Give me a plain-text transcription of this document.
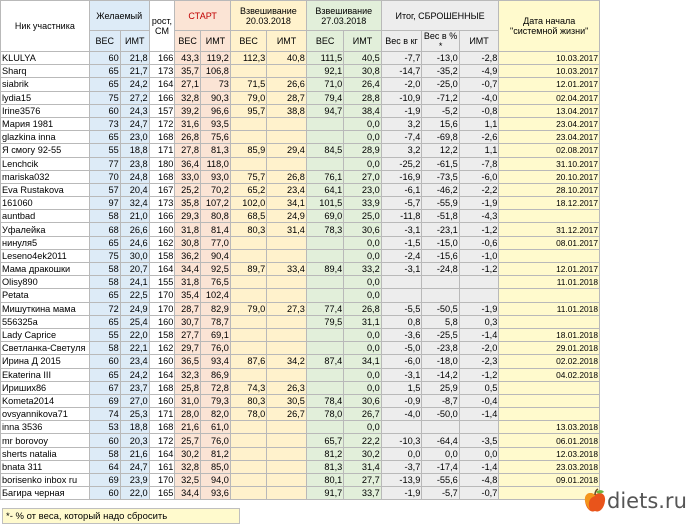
Ник участника	Желаемый		рост, СМ	СТАРТ		Взвешивание 20.03.2018		Взвешивание 27.03.2018		Итог, СБРОШЕННЫЕ			Дата начала "системной жизни"
	ВЕС	ИМТ		ВЕС	ИМТ	ВЕС	ИМТ	ВЕС	ИМТ	Вес в кг	Вес в % *	ИМТ	
KLULYA	60	21,8	166	43,3	119,2	112,3	40,8	111,5	40,5	-7,7	-13,0	-2,8	10.03.2017
Sharq	65	21,7	173	35,7	106,8			92,1	30,8	-14,7	-35,2	-4,9	10.03.2017
siabrik	65	24,2	164	27,1	73	71,5	26,6	71,0	26,4	-2,0	-25,0	-0,7	12.01.2017
lydia15	75	27,2	166	32,8	90,3	79,0	28,7	79,4	28,8	-10,9	-71,2	-4,0	02.04.2017
Irine3576	60	24,3	157	39,2	96,6	95,7	38,8	94,7	38,4	-1,9	-5,2	-0,8	13.04.2017
Мария 1981	73	24,7	172	31,6	93,5				0,0	3,2	15,6	1,1	23.04.2017
glazkina inna	65	23,0	168	26,8	75,6				0,0	-7,4	-69,8	-2,6	23.04.2017
Я смогу 92-55	55	18,8	171	27,8	81,3	85,9	29,4	84,5	28,9	3,2	12,2	1,1	02.08.2017
Lenchcik	77	23,8	180	36,4	118,0				0,0	-25,2	-61,5	-7,8	31.10.2017
mariska032	70	24,8	168	33,0	93,0	75,7	26,8	76,1	27,0	-16,9	-73,5	-6,0	20.10.2017
Eva Rustakova	57	20,4	167	25,2	70,2	65,2	23,4	64,1	23,0	-6,1	-46,2	-2,2	28.10.2017
161060	97	32,4	173	35,8	107,2	102,0	34,1	101,5	33,9	-5,7	-55,9	-1,9	18.12.2017
auntbad	58	21,0	166	29,3	80,8	68,5	24,9	69,0	25,0	-11,8	-51,8	-4,3	
Уфалейка	68	26,6	160	31,8	81,4	80,3	31,4	78,3	30,6	-3,1	-23,1	-1,2	31.12.2017
нинуля5	65	24,6	162	30,8	77,0				0,0	-1,5	-15,0	-0,6	08.01.2017
Leseno4ek2011	75	30,0	158	36,2	90,4				0,0	-2,4	-15,6	-1,0	
Мама дракошки	58	20,7	164	34,4	92,5	89,7	33,4	89,4	33,2	-3,1	-24,8	-1,2	12.01.2017
Olisy890	58	24,1	155	31,8	76,5				0,0				11.01.2018
Petata	65	22,5	170	35,4	102,4				0,0				
Мишуткина мама	72	24,9	170	28,7	82,9	79,0	27,3	77,4	26,8	-5,5	-50,5	-1,9	11.01.2018
556325a	65	25,4	160	30,7	78,7			79,5	31,1	0,8	5,8	0,3	
Lady Caprice	55	22,0	158	27,7	69,1				0,0	-3,6	-25,5	-1,4	18.01.2018
Светланка-Светуля	58	22,1	162	29,7	76,0				0,0	-5,0	-23,8	-2,0	29.01.2018
Ирина Д 2015	60	23,4	160	36,5	93,4	87,6	34,2	87,4	34,1	-6,0	-18,0	-2,3	02.02.2018
Ekaterina III	65	24,2	164	32,3	86,9				0,0	-3,1	-14,2	-1,2	04.02.2018
Ириших86	67	23,7	168	25,8	72,8	74,3	26,3		0,0	1,5	25,9	0,5	
Kometa2014	69	27,0	160	31,0	79,3	80,3	30,5	78,4	30,6	-0,9	-8,7	-0,4	
ovsyannikova71	74	25,3	171	28,0	82,0	78,0	26,7	78,0	26,7	-4,0	-50,0	-1,4	
inna 3536	53	18,8	168	21,6	61,0				0,0				13.03.2018
mr borovoy	60	20,3	172	25,7	76,0			65,7	22,2	-10,3	-64,4	-3,5	06.01.2018
sherts natalia	58	21,6	164	30,2	81,2			81,2	30,2	0,0	0,0	0,0	12.03.2018
bnata 311	64	24,7	161	32,8	85,0			81,3	31,4	-3,7	-17,4	-1,4	23.03.2018
borisenko inbox ru	69	23,9	170	32,5	94,0			80,1	27,7	-13,9	-55,6	-4,8	09.01.2018
Багира черная	60	22,0	165	34,4	93,6			91,7	33,7	-1,9	-5,7	-0,7	
*- % от веса, который надо сбросить
diets.ru
